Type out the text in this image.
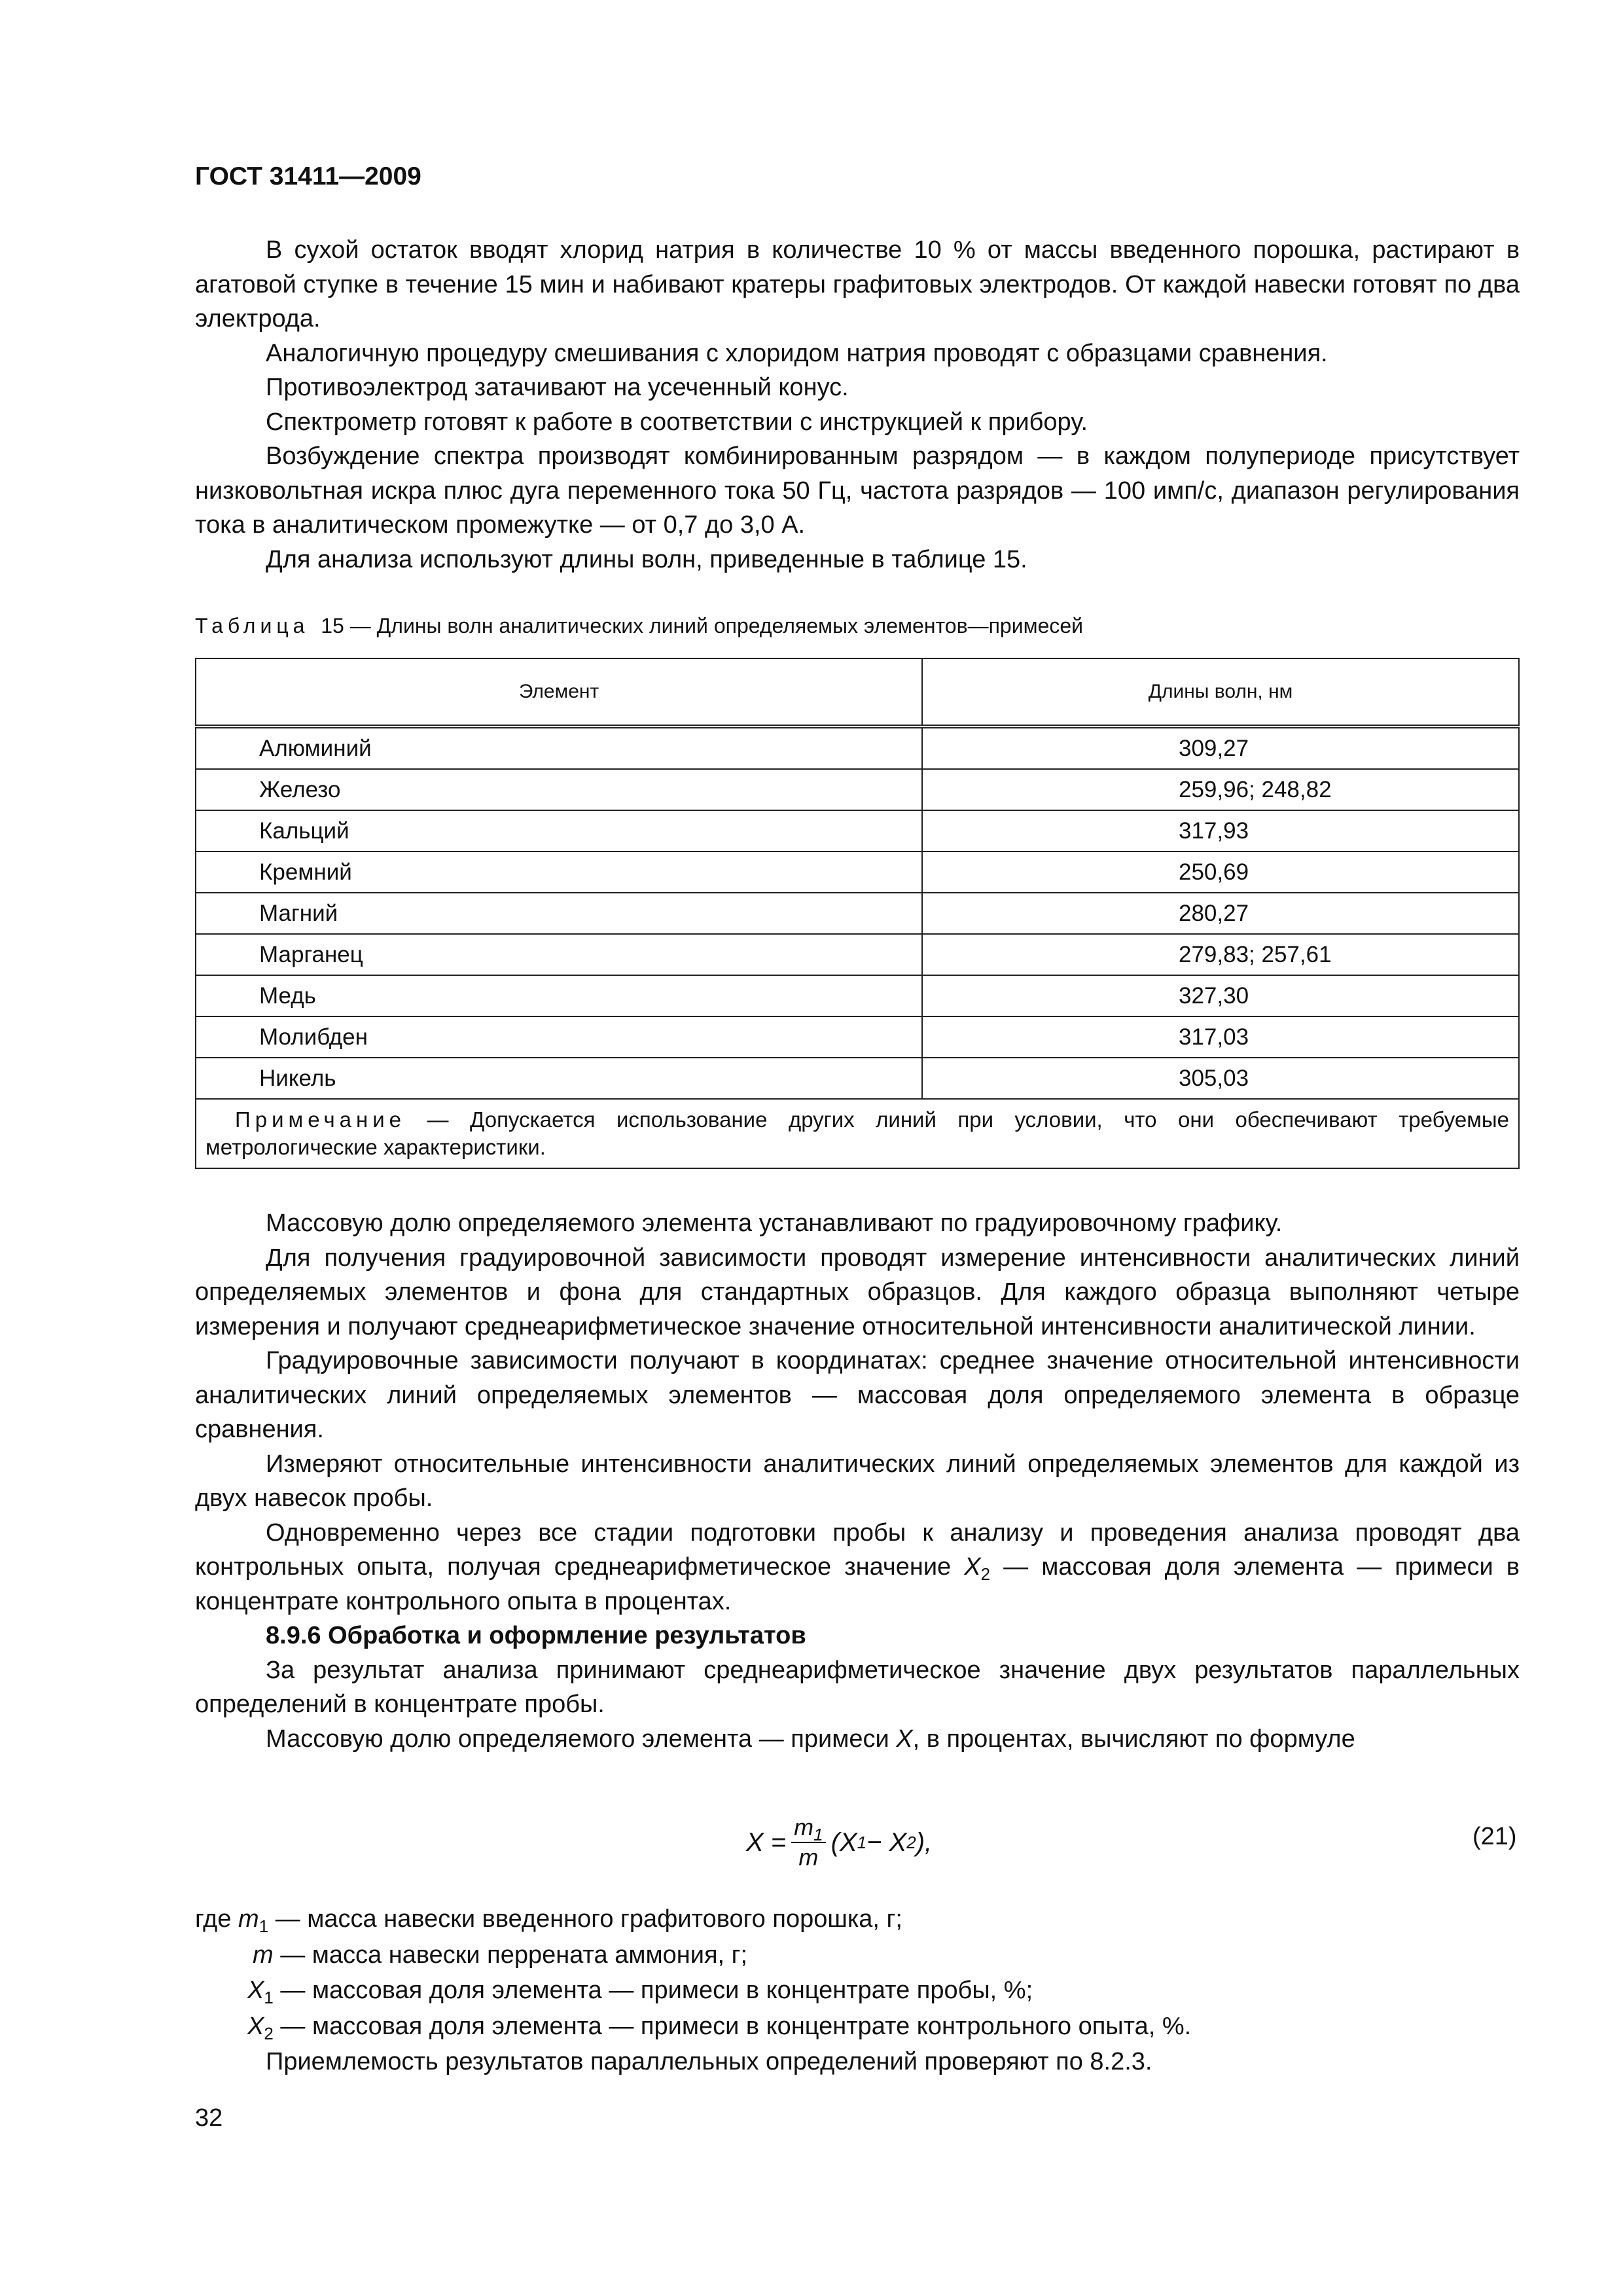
ГОСТ 31411—2009

В сухой остаток вводят хлорид натрия в количестве 10 % от массы введенного порошка, растирают в агатовой ступке в течение 15 мин и набивают кратеры графитовых электродов. От каждой навески готовят по два электрода.

Аналогичную процедуру смешивания с хлоридом натрия проводят с образцами сравнения.

Противоэлектрод затачивают на усеченный конус.

Спектрометр готовят к работе в соответствии с инструкцией к прибору.

Возбуждение спектра производят комбинированным разрядом — в каждом полупериоде присутствует низковольтная искра плюс дуга переменного тока 50 Гц, частота разрядов — 100 имп/с, диапазон регулирования тока в аналитическом промежутке — от 0,7 до 3,0 А.

Для анализа используют длины волн, приведенные в таблице 15.

Таблица 15 — Длины волн аналитических линий определяемых элементов—примесей
Элемент	Длины волн, нм
Алюминий	309,27
Железо	259,96; 248,82
Кальций	317,93
Кремний	250,69
Магний	280,27
Марганец	279,83; 257,61
Медь	327,30
Молибден	317,03
Никель	305,03
Примечание — Допускается использование других линий при условии, что они обеспечивают требуемые метрологические характеристики.	

Массовую долю определяемого элемента устанавливают по градуировочному графику.

Для получения градуировочной зависимости проводят измерение интенсивности аналитических линий определяемых элементов и фона для стандартных образцов. Для каждого образца выполняют четыре измерения и получают среднеарифметическое значение относительной интенсивности аналитической линии.

Градуировочные зависимости получают в координатах: среднее значение относительной интенсивности аналитических линий определяемых элементов — массовая доля определяемого элемента в образце сравнения.

Измеряют относительные интенсивности аналитических линий определяемых элементов для каждой из двух навесок пробы.

Одновременно через все стадии подготовки пробы к анализу и проведения анализа проводят два контрольных опыта, получая среднеарифметическое значение $X_2$ — массовая доля элемента — примеси в концентрате контрольного опыта в процентах.

8.9.6 Обработка и оформление результатов

За результат анализа принимают среднеарифметическое значение двух результатов параллельных определений в концентрате пробы.

Массовую долю определяемого элемента — примеси X, в процентах, вычисляют по формуле

$X = \frac{m_1}{m} (X$ 1 − X 2 ),	(21)
где $m_1$ — масса навески введенного графитового порошка, г;
m — масса навески перрената аммония, г;
$X_1$ — массовая доля элемента — примеси в концентрате пробы, %;
$X_2$ — массовая доля элемента — примеси в концентрате контрольного опыта, %.
Приемлемость результатов параллельных определений проверяют по 8.2.3.
32
